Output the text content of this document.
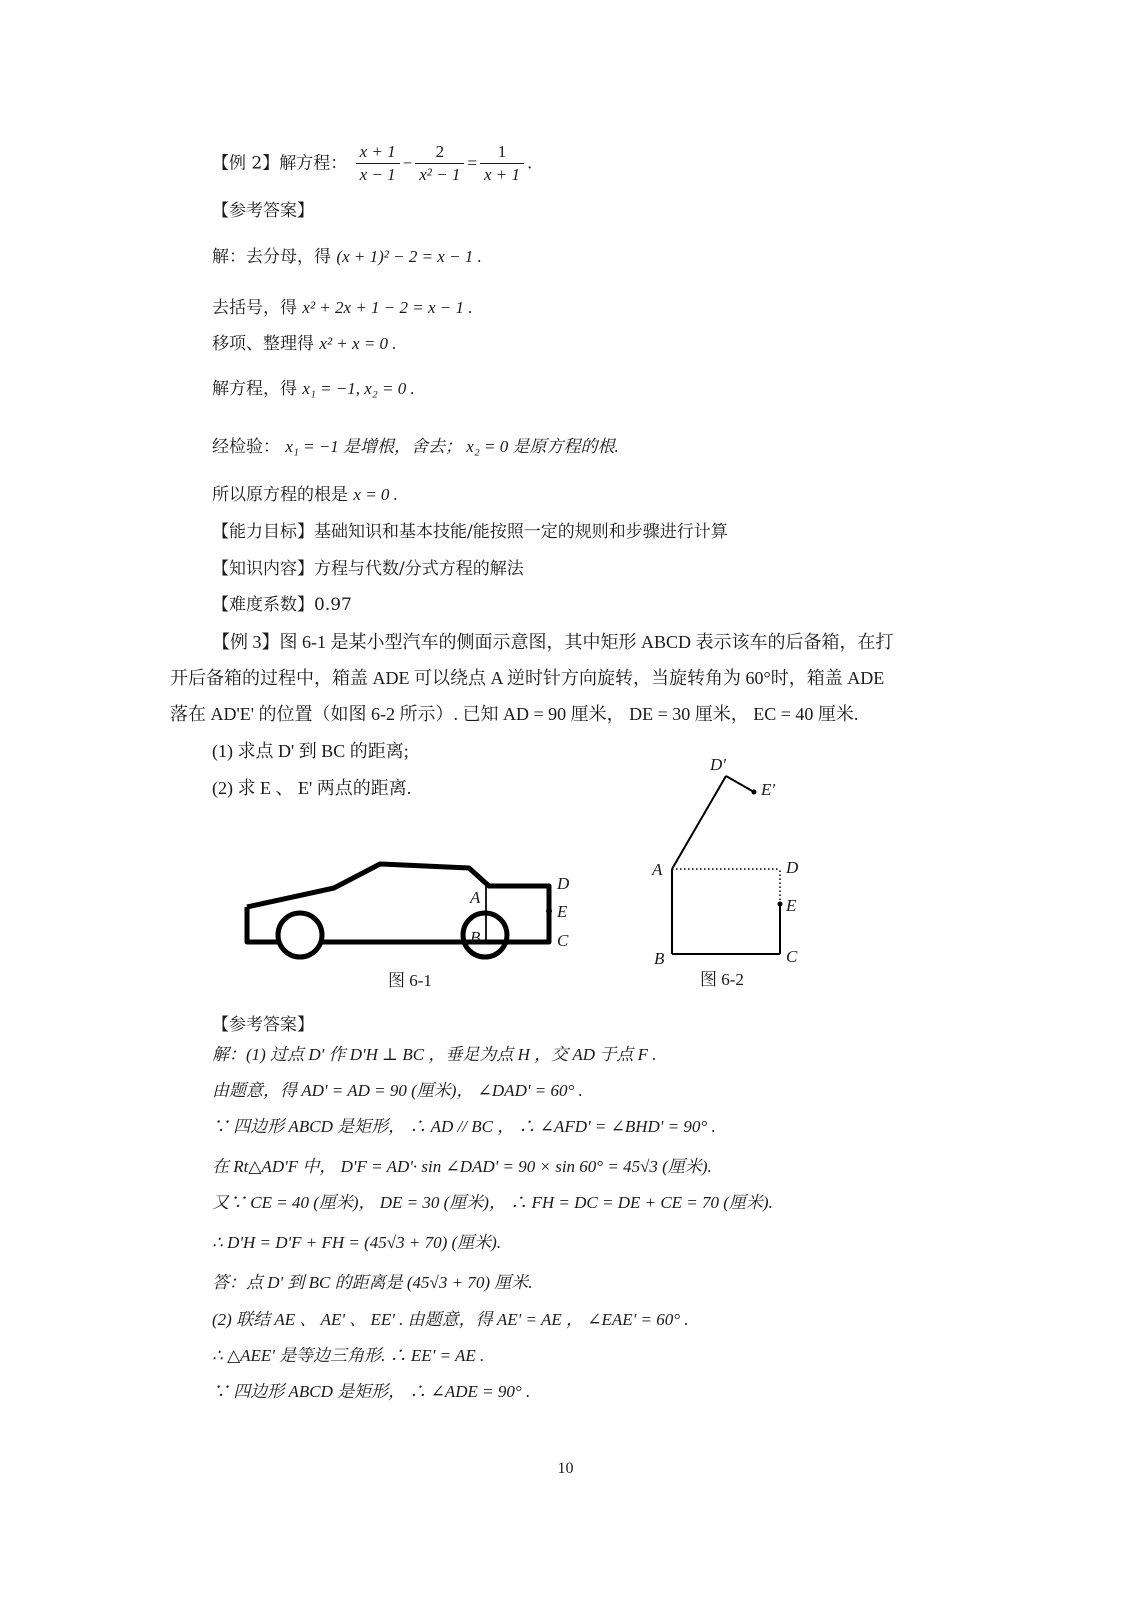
【例 2】解方程： $\frac{x + 1}{x - 1} - \frac{2}{\text{x² − 1}} = \frac{1}{x + 1}$ .
【参考答案】
解：去分母，得 (x + 1)² − 2 = x − 1 .
去括号，得 x² + 2x + 1 − 2 = x − 1 .
移项、整理得 x² + x = 0 .
解方程，得 x₁ = −1, x₂ = 0 .
经检验： x₁ = −1 是增根，舍去； x₂ = 0 是原方程的根.
所以原方程的根是 x = 0 .
【能力目标】基础知识和基本技能/能按照一定的规则和步骤进行计算
【知识内容】方程与代数/分式方程的解法
【难度系数】0.97
【例 3】图 6-1 是某小型汽车的侧面示意图，其中矩形 ABCD 表示该车的后备箱，在打
开后备箱的过程中，箱盖 ADE 可以绕点 A 逆时针方向旋转，当旋转角为 60°时，箱盖 ADE
落在 AD'E' 的位置（如图 6-2 所示）. 已知 AD = 90 厘米， DE = 30 厘米， EC = 40 厘米.
(1) 求点 D' 到 BC 的距离;
(2) 求 E 、 E' 两点的距离.
A
B	C
D
E
图 6-1
D'
E'
A	D
E
B	C
图 6-2
【参考答案】
解：(1) 过点 D' 作 D'H ⊥ BC ，垂足为点 H ，交 AD 于点 F .
由题意，得 AD' = AD = 90 (厘米)， ∠DAD' = 60° .
∵ 四边形 ABCD 是矩形， ∴ AD // BC ， ∴ ∠AFD' = ∠BHD' = 90° .
在 Rt△AD'F 中， D'F = AD'· sin ∠DAD' = 90 × sin 60° = 45√3 (厘米).
又∵ CE = 40 (厘米)， DE = 30 (厘米)， ∴ FH = DC = DE + CE = 70 (厘米).
∴ D'H = D'F + FH = (45√3 + 70) (厘米).
答：点 D' 到 BC 的距离是 (45√3 + 70) 厘米.
(2) 联结 AE 、 AE' 、 EE' . 由题意，得 AE' = AE ， ∠EAE' = 60° .
∴ △AEE' 是等边三角形. ∴ EE' = AE .
∵ 四边形 ABCD 是矩形， ∴ ∠ADE = 90° .
10
